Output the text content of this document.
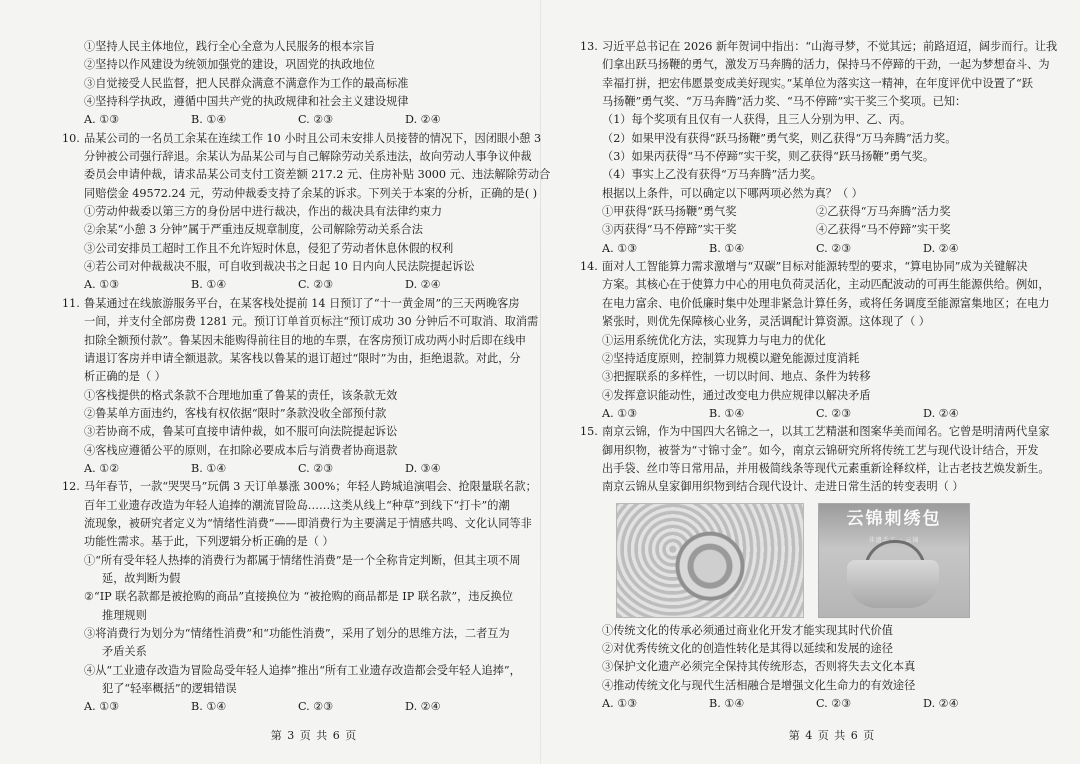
①坚持人民主体地位，践行全心全意为人民服务的根本宗旨
②坚持以作风建设为统领加强党的建设，巩固党的执政地位
③自觉接受人民监督，把人民群众满意不满意作为工作的最高标准
④坚持科学执政，遵循中国共产党的执政规律和社会主义建设规律
A. ①③	B. ①④	C. ②③	D. ②④
10. 品某公司的一名员工余某在连续工作 10 小时且公司未安排人员接替的情况下，因闭眼小憩 3
分钟被公司强行辞退。余某认为品某公司与自己解除劳动关系违法，故向劳动人事争议仲裁
委员会申请仲裁，请求品某公司支付工资差额 217.2 元、住房补贴 3000 元、违法解除劳动合
同赔偿金 49572.24 元，劳动仲裁委支持了余某的诉求。下列关于本案的分析，正确的是( )
①劳动仲裁委以第三方的身份居中进行裁决，作出的裁决具有法律约束力
②余某“小憩 3 分钟”属于严重违反规章制度，公司解除劳动关系合法
③公司安排员工超时工作且不允许短时休息，侵犯了劳动者休息休假的权利
④若公司对仲裁裁决不服，可自收到裁决书之日起 10 日内向人民法院提起诉讼
A. ①③	B. ①④	C. ②③	D. ②④
11. 鲁某通过在线旅游服务平台，在某客栈处提前 14 日预订了“十一黄金周”的三天两晚客房
一间，并支付全部房费 1281 元。预订订单首页标注“预订成功 30 分钟后不可取消、取消需
扣除全额预付款”。鲁某因未能购得前往目的地的车票，在客房预订成功两小时后即在线申
请退订客房并申请全额退款。某客栈以鲁某的退订超过“限时”为由，拒绝退款。对此，分
析正确的是（ ）
①客栈提供的格式条款不合理地加重了鲁某的责任，该条款无效
②鲁某单方面违约，客栈有权依据“限时”条款没收全部预付款
③若协商不成，鲁某可直接申请仲裁，如不服可向法院提起诉讼
④客栈应遵循公平的原则，在扣除必要成本后与消费者协商退款
A. ①②	B. ①④	C. ②③	D. ③④
12. 马年春节，一款“哭哭马”玩偶 3 天订单暴涨 300%；年轻人跨城追演唱会、抢限量联名款；
百年工业遗存改造为年轻人追捧的潮流冒险岛……这类从线上“种草”到线下“打卡”的潮
流现象，被研究者定义为“情绪性消费”——即消费行为主要满足于情感共鸣、文化认同等非
功能性需求。基于此，下列逻辑分析正确的是（ ）
①“所有受年轻人热捧的消费行为都属于情绪性消费”是一个全称肯定判断，但其主项不周
延，故判断为假
②“IP 联名款都是被抢购的商品”直接换位为 “被抢购的商品都是 IP 联名款”，违反换位
推理规则
③将消费行为划分为“情绪性消费”和“功能性消费”，采用了划分的思维方法，二者互为
矛盾关系
④从“工业遗存改造为冒险岛受年轻人追捧”推出“所有工业遗存改造都会受年轻人追捧”，
犯了“轻率概括”的逻辑错误
A. ①③	B. ①④	C. ②③	D. ②④
第 3 页 共 6 页
13. 习近平总书记在 2026 新年贺词中指出：“山海寻梦，不觉其远；前路迢迢，阔步而行。让我
们拿出跃马扬鞭的勇气，激发万马奔腾的活力，保持马不停蹄的干劲，一起为梦想奋斗、为
幸福打拼，把宏伟愿景变成美好现实。”某单位为落实这一精神，在年度评优中设置了“跃
马扬鞭”勇气奖、“万马奔腾”活力奖、“马不停蹄”实干奖三个奖项。已知：
（1）每个奖项有且仅有一人获得，且三人分别为甲、乙、丙。
（2）如果甲没有获得“跃马扬鞭”勇气奖，则乙获得“万马奔腾”活力奖。
（3）如果丙获得“马不停蹄”实干奖，则乙获得“跃马扬鞭”勇气奖。
（4）事实上乙没有获得“万马奔腾”活力奖。
根据以上条件，可以确定以下哪两项必然为真？（ ）
①甲获得“跃马扬鞭”勇气奖	②乙获得“万马奔腾”活力奖
③丙获得“马不停蹄”实干奖	④乙获得“马不停蹄”实干奖
A. ①③	B. ①④	C. ②③	D. ②④
14. 面对人工智能算力需求激增与“双碳”目标对能源转型的要求，“算电协同”成为关键解决
方案。其核心在于使算力中心的用电负荷灵活化，主动匹配波动的可再生能源供给。例如，
在电力富余、电价低廉时集中处理非紧急计算任务，或将任务调度至能源富集地区；在电力
紧张时，则优先保障核心业务，灵活调配计算资源。这体现了（ ）
①运用系统优化方法，实现算力与电力的优化
②坚持适度原则，控制算力规模以避免能源过度消耗
③把握联系的多样性，一切以时间、地点、条件为转移
④发挥意识能动性，通过改变电力供应规律以解决矛盾
A. ①③	B. ①④	C. ②③	D. ②④
15. 南京云锦，作为中国四大名锦之一，以其工艺精湛和图案华美而闻名。它曾是明清两代皇家
御用织物，被誉为“寸锦寸金”。如今，南京云锦研究所将传统工艺与现代设计结合，开发
出手袋、丝巾等日常用品，并用极简线条等现代元素重新诠释纹样，让古老技艺焕发新生。
南京云锦从皇家御用织物到结合现代设计、走进日常生活的转变表明（ ）
云锦刺绣包
非遗手工 · 云锦
①传统文化的传承必须通过商业化开发才能实现其时代价值
②对优秀传统文化的创造性转化是其得以延续和发展的途径
③保护文化遗产必须完全保持其传统形态，否则将失去文化本真
④推动传统文化与现代生活相融合是增强文化生命力的有效途径
A. ①③	B. ①④	C. ②③	D. ②④
第 4 页 共 6 页
